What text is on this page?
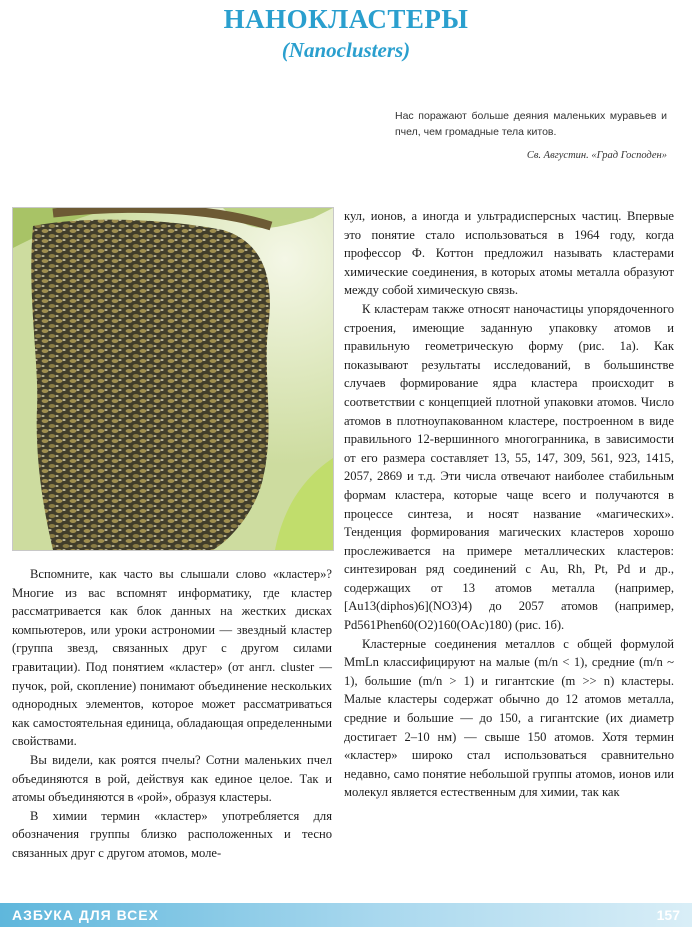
НАНОКЛАСТЕРЫ
(Nanoclusters)
Нас поражают больше деяния маленьких муравьев и пчел, чем громадные тела китов.
Св. Августин. «Град Господен»

Вспомните, как часто вы слышали слово «кластер»? Многие из вас вспомнят информатику, где кластер рассматривается как блок данных на жестких дисках компьютеров, или уроки астрономии — звездный кластер (группа звезд, связанных друг с другом силами гравитации). Под понятием «кластер» (от англ. cluster — пучок, рой, скопление) понимают объединение нескольких однородных элементов, которое может рассматриваться как самостоятельная единица, обладающая определенными свойствами.

Вы видели, как роятся пчелы? Сотни маленьких пчел объединяются в рой, действуя как единое целое. Так и атомы объединяются в «рой», образуя кластеры.

В химии термин «кластер» употребляется для обозначения группы близко расположенных и тесно связанных друг с другом атомов, моле-

кул, ионов, а иногда и ультрадисперсных частиц. Впервые это понятие стало использоваться в 1964 году, когда профессор Ф. Коттон предложил называть кластерами химические соединения, в которых атомы металла образуют между собой химическую связь.

К кластерам также относят наночастицы упорядоченного строения, имеющие заданную упаковку атомов и правильную геометрическую форму (рис. 1а). Как показывают результаты исследований, в большинстве случаев формирование ядра кластера происходит в соответствии с концепцией плотной упаковки атомов. Число атомов в плотноупакованном кластере, построенном в виде правильного 12-вершинного многогранника, в зависимости от его размера составляет 13, 55, 147, 309, 561, 923, 1415, 2057, 2869 и т.д. Эти числа отвечают наиболее стабильным формам кластера, которые чаще всего и получаются в процессе синтеза, и носят название «магических». Тенденция формирования магических кластеров хорошо прослеживается на примере металлических кластеров: синтезирован ряд соединений с Au, Rh, Pt, Pd и др., содержащих от 13 атомов металла (например, [Au13(diphos)6](NO3)4) до 2057 атомов (например, Pd561Phen60(O2)160(OAc)180) (рис. 1б).

Кластерные соединения металлов с общей формулой MmLn классифицируют на малые (m/n < 1), средние (m/n ~ 1), большие (m/n > 1) и гигантские (m >> n) кластеры. Малые кластеры содержат обычно до 12 атомов металла, средние и большие — до 150, а гигантские (их диаметр достигает 2–10 нм) — свыше 150 атомов. Хотя термин «кластер» широко стал использоваться сравнительно недавно, само понятие небольшой группы атомов, ионов или молекул является естественным для химии, так как

АЗБУКА ДЛЯ ВСЕХ	157
